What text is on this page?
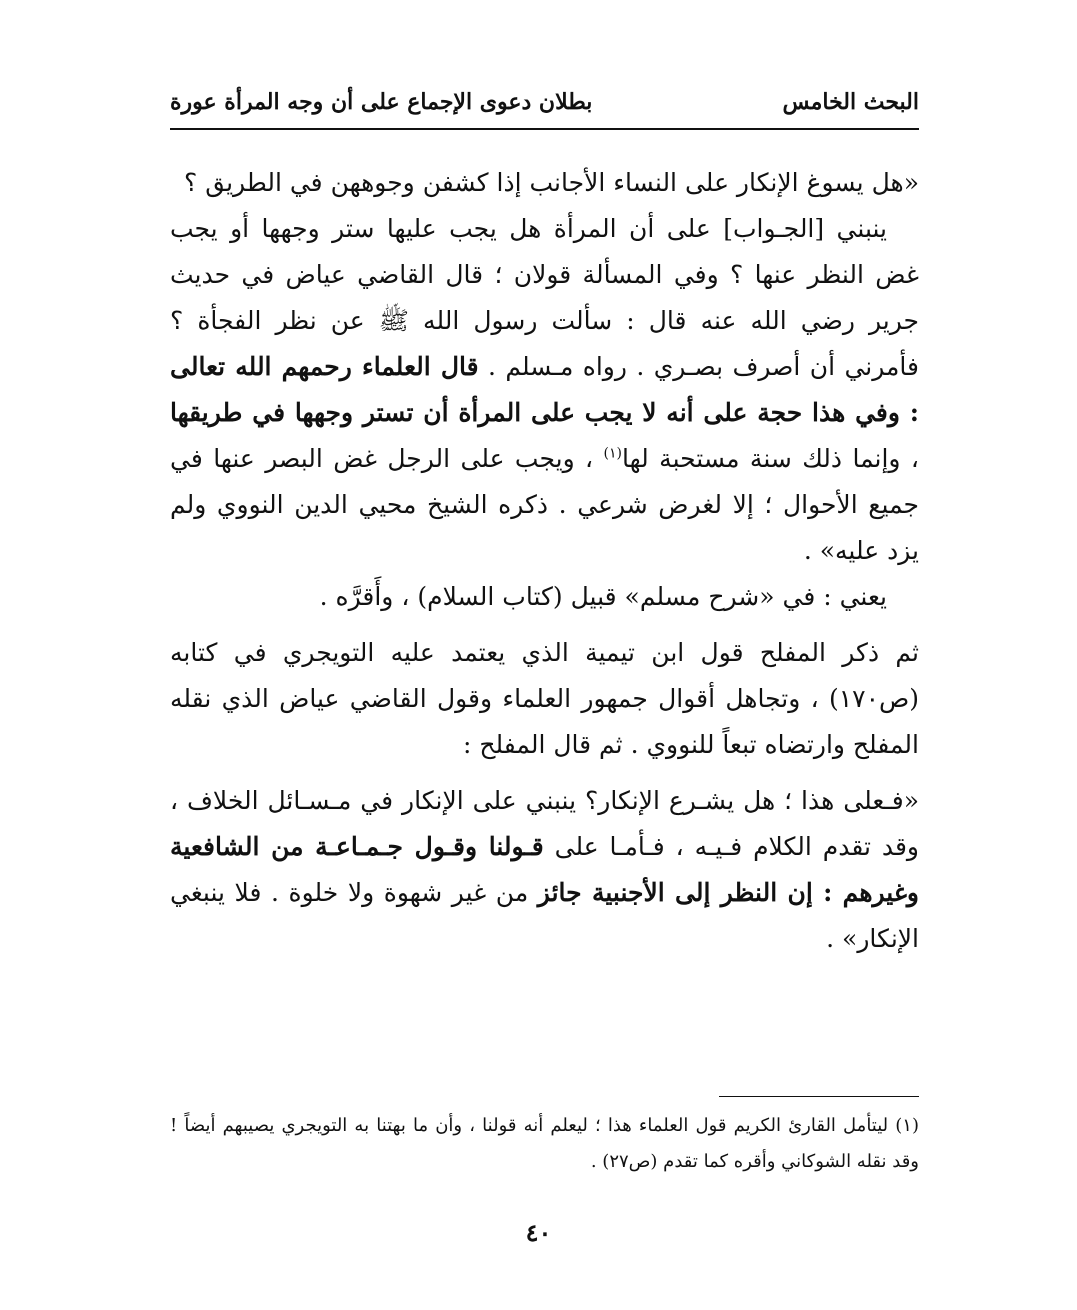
البحث الخامس
بطلان دعوى الإجماع على أن وجه المرأة عورة

«هل يسوغ الإنكار على النساء الأجانب إذا كشفن وجوههن في الطريق ؟

ينبني [الجـواب] على أن المرأة هل يجب عليها ستر وجهها أو يجب غض النظر عنها ؟ وفي المسألة قولان ؛ قال القاضي عياض في حديث جرير رضي الله عنه قال : سألت رسول الله ﷺ عن نظر الفجأة ؟ فأمرني أن أصرف بصـري . رواه مـسلم . قال العلماء رحمهم الله تعالى : وفي هذا حجة على أنه لا يجب على المرأة أن تستر وجهها في طريقها ، وإنما ذلك سنة مستحبة لها$^{(١)}$ ، ويجب على الرجل غض البصر عنها في جميع الأحوال ؛ إلا لغرض شرعي . ذكره الشيخ محيي الدين النووي ولم يزد عليه» .

يعني : في «شرح مسلم» قبيل (كتاب السلام) ، وأَقرَّه .

ثم ذكر المفلح قول ابن تيمية الذي يعتمد عليه التويجري في كتابه (ص١٧٠) ، وتجاهل أقوال جمهور العلماء وقول القاضي عياض الذي نقله المفلح وارتضاه تبعاً للنووي . ثم قال المفلح :

«فـعلى هذا ؛ هل يشـرع الإنكار؟ ينبني على الإنكار في مـسـائل الخلاف ، وقد تقدم الكلام فـيـه ، فـأمـا على قـولنا وقـول جـمـاعـة من الشافعية وغيرهم : إن النظر إلى الأجنبية جائز من غير شهوة ولا خلوة . فلا ينبغي الإنكار» .

(١) ليتأمل القارئ الكريم قول العلماء هذا ؛ ليعلم أنه قولنا ، وأن ما بهتنا به التويجري يصيبهم أيضاً ! وقد نقله الشوكاني وأقره كما تقدم (ص٢٧) .
٤٠
